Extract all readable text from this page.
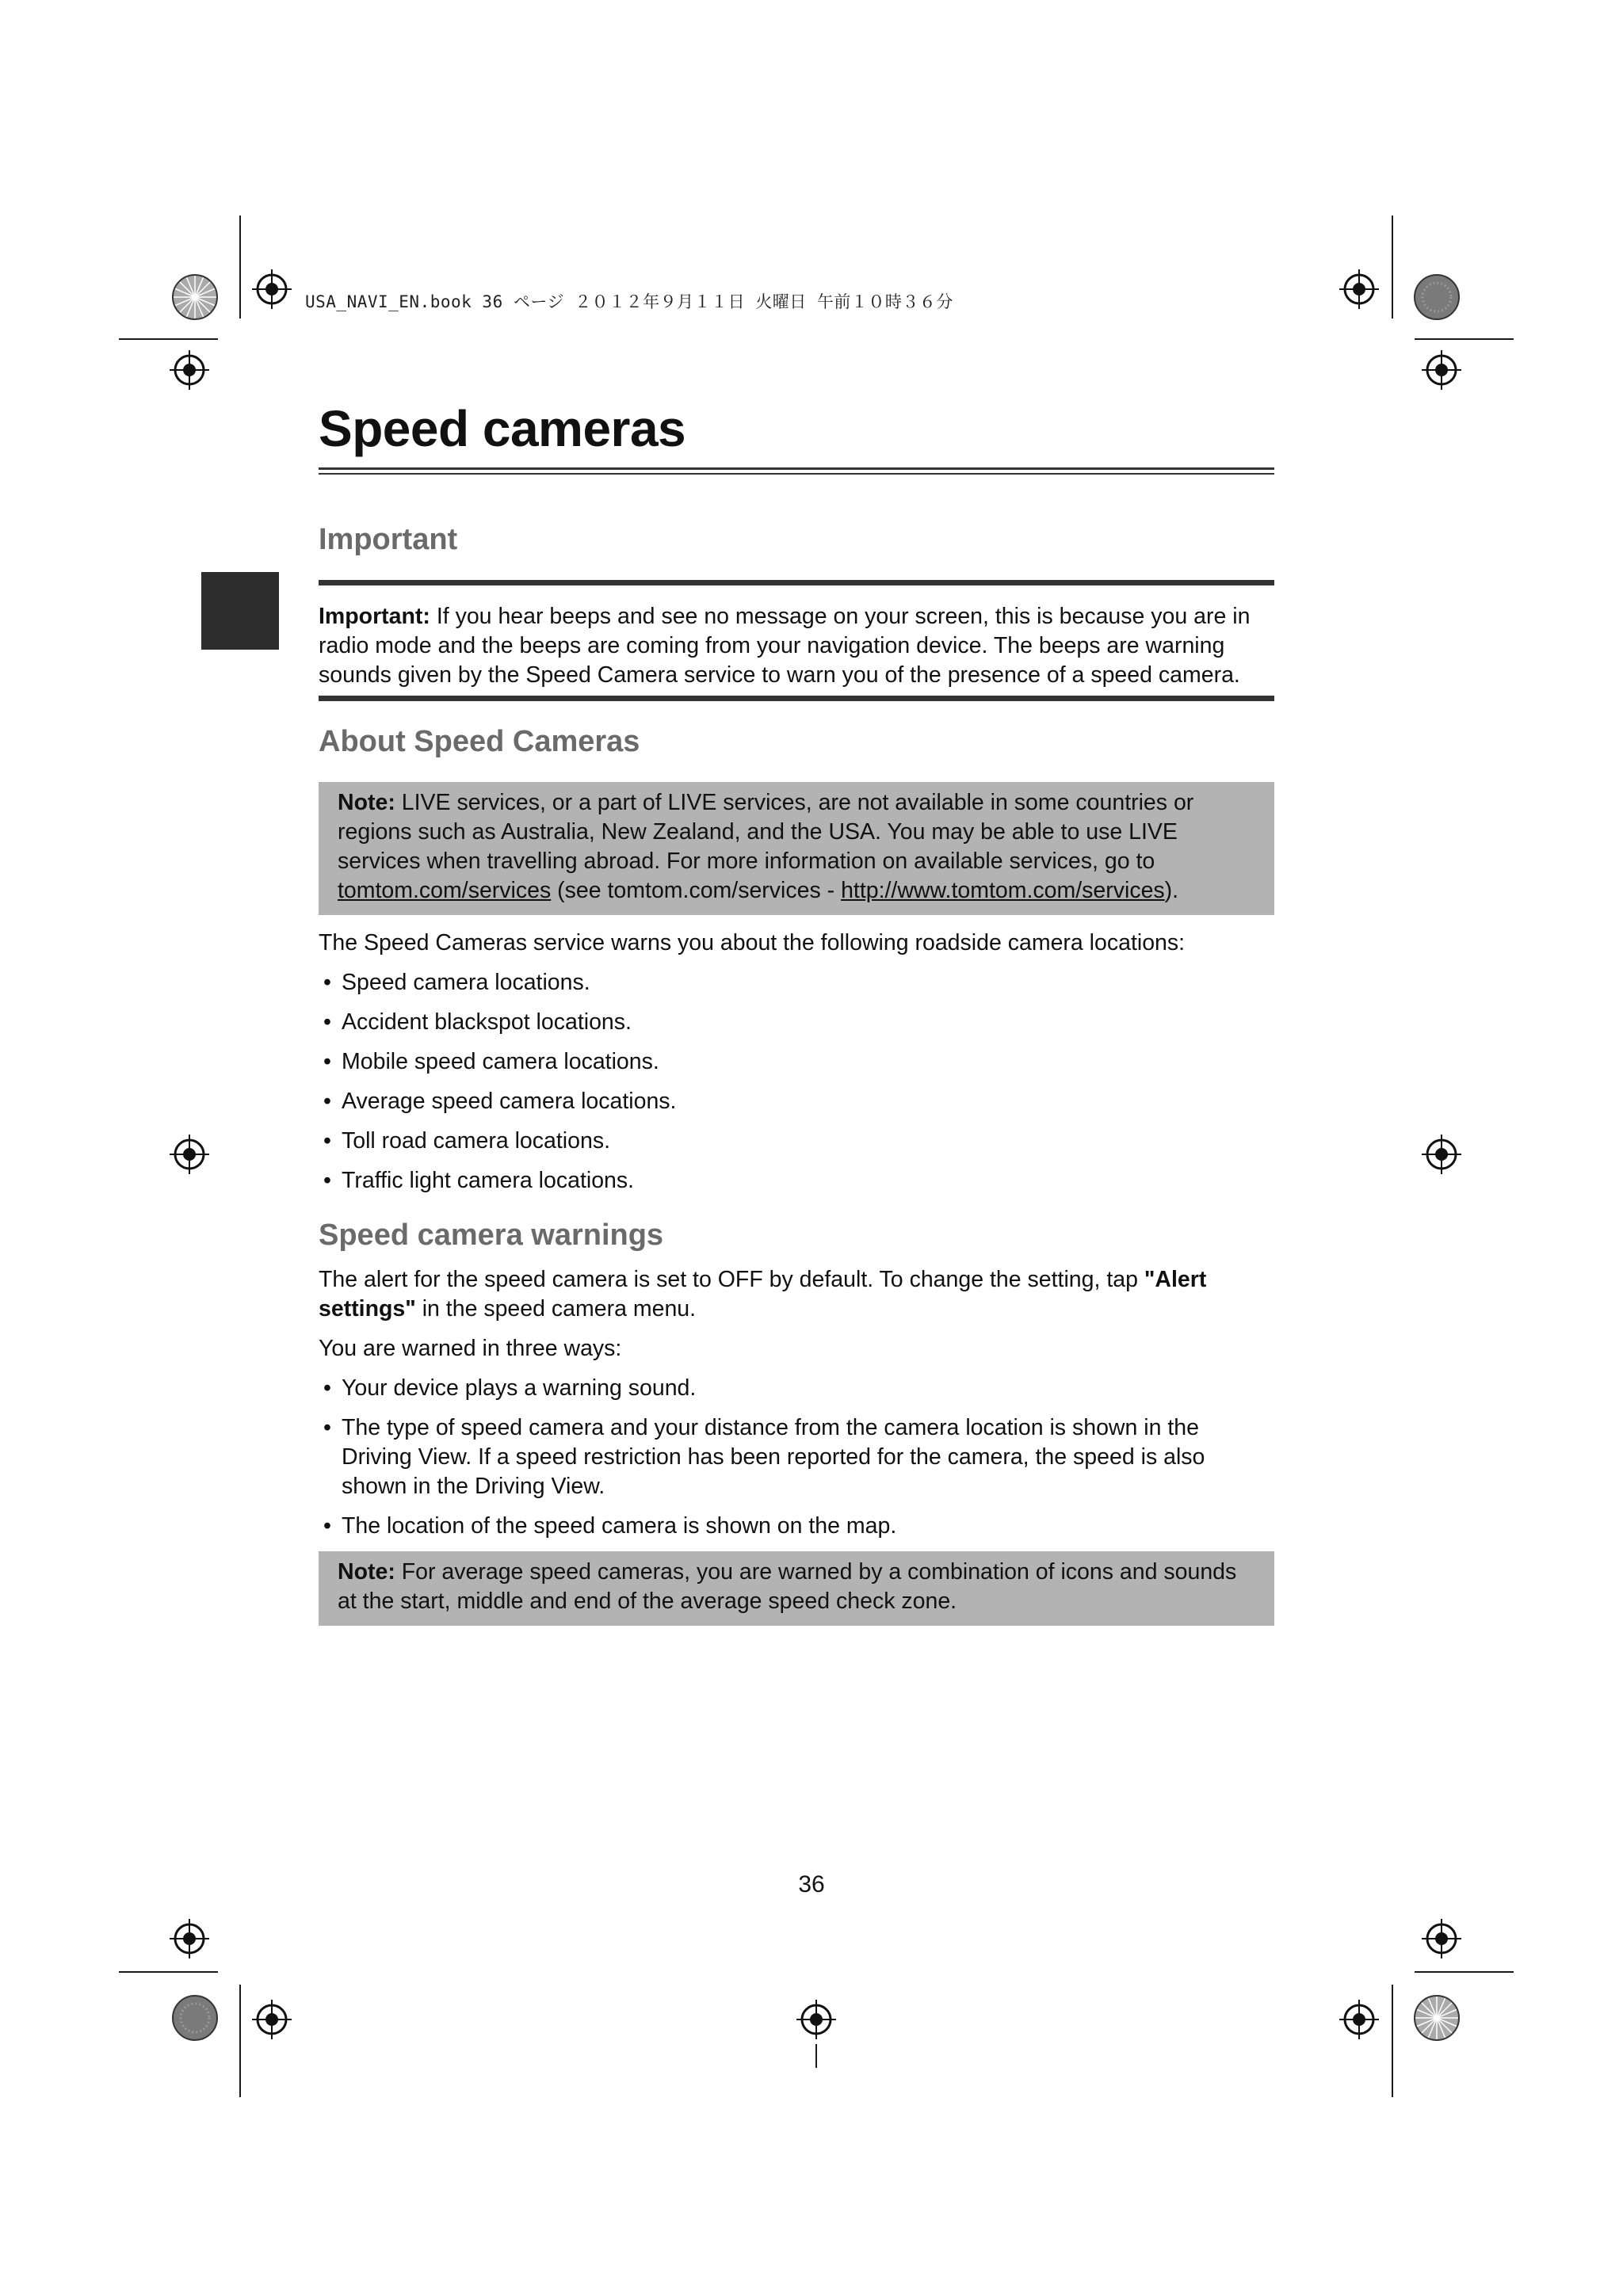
USA_NAVI_EN.book 36 ページ ２０１２年９月１１日 火曜日 午前１０時３６分
Speed cameras
Important

Important: If you hear beeps and see no message on your screen, this is because you are in radio mode and the beeps are coming from your navigation device. The beeps are warning sounds given by the Speed Camera service to warn you of the presence of a speed camera.

About Speed Cameras
Note: LIVE services, or a part of LIVE services, are not available in some countries or regions such as Australia, New Zealand, and the USA. You may be able to use LIVE services when travelling abroad. For more information on available services, go to tomtom.com/services (see tomtom.com/services - http://www.tomtom.com/services).

The Speed Cameras service warns you about the following roadside camera locations:

• Speed camera locations.
• Accident blackspot locations.
• Mobile speed camera locations.
• Average speed camera locations.
• Toll road camera locations.
• Traffic light camera locations.
Speed camera warnings

The alert for the speed camera is set to OFF by default. To change the setting, tap "Alert settings" in the speed camera menu.

You are warned in three ways:

• Your device plays a warning sound.
• The type of speed camera and your distance from the camera location is shown in the Driving View. If a speed restriction has been reported for the camera, the speed is also shown in the Driving View.
• The location of the speed camera is shown on the map.
Note: For average speed cameras, you are warned by a combination of icons and sounds at the start, middle and end of the average speed check zone.
36
